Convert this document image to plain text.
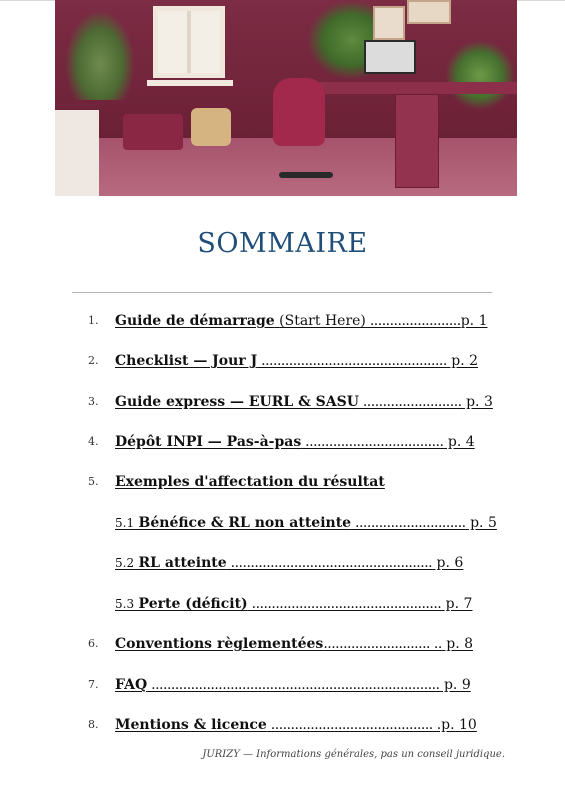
SOMMAIRE
1. Guide de démarrage (Start Here) .......................p. 1
2. Checklist — Jour J ............................................... p. 2
3. Guide express — EURL & SASU ......................... p. 3
4. Dépôt INPI — Pas-à-pas ................................... p. 4
5. Exemples d'affectation du résultat
5.1 Bénéfice & RL non atteinte ............................ p. 5
5.2 RL atteinte ................................................... p. 6
5.3 Perte (déficit) ................................................ p. 7
6. Conventions règlementées........................... .. p. 8
7. FAQ ......................................................................... p. 9
8. Mentions & licence ......................................... .p. 10
JURIZY — Informations générales, pas un conseil juridique.
